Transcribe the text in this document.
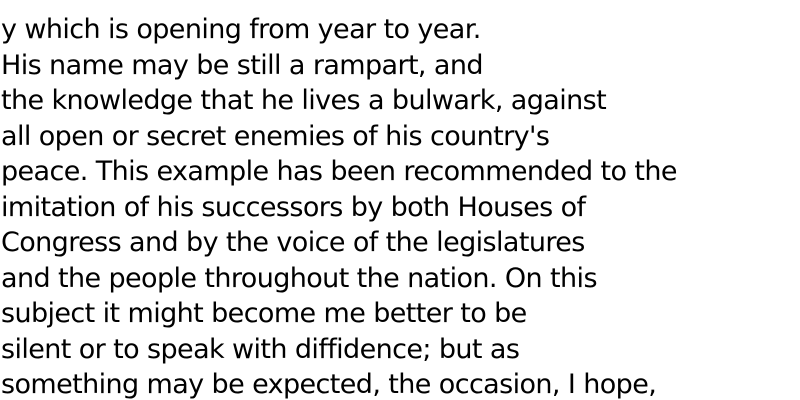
y which is opening from year to year.
His name may be still a rampart, and
the knowledge that he lives a bulwark, against
all open or secret enemies of his country's
peace. This example has been recommended to the
imitation of his successors by both Houses of
Congress and by the voice of the legislatures
and the people throughout the nation. On this
subject it might become me better to be
silent or to speak with diffidence; but as
something may be expected, the occasion, I hope,
